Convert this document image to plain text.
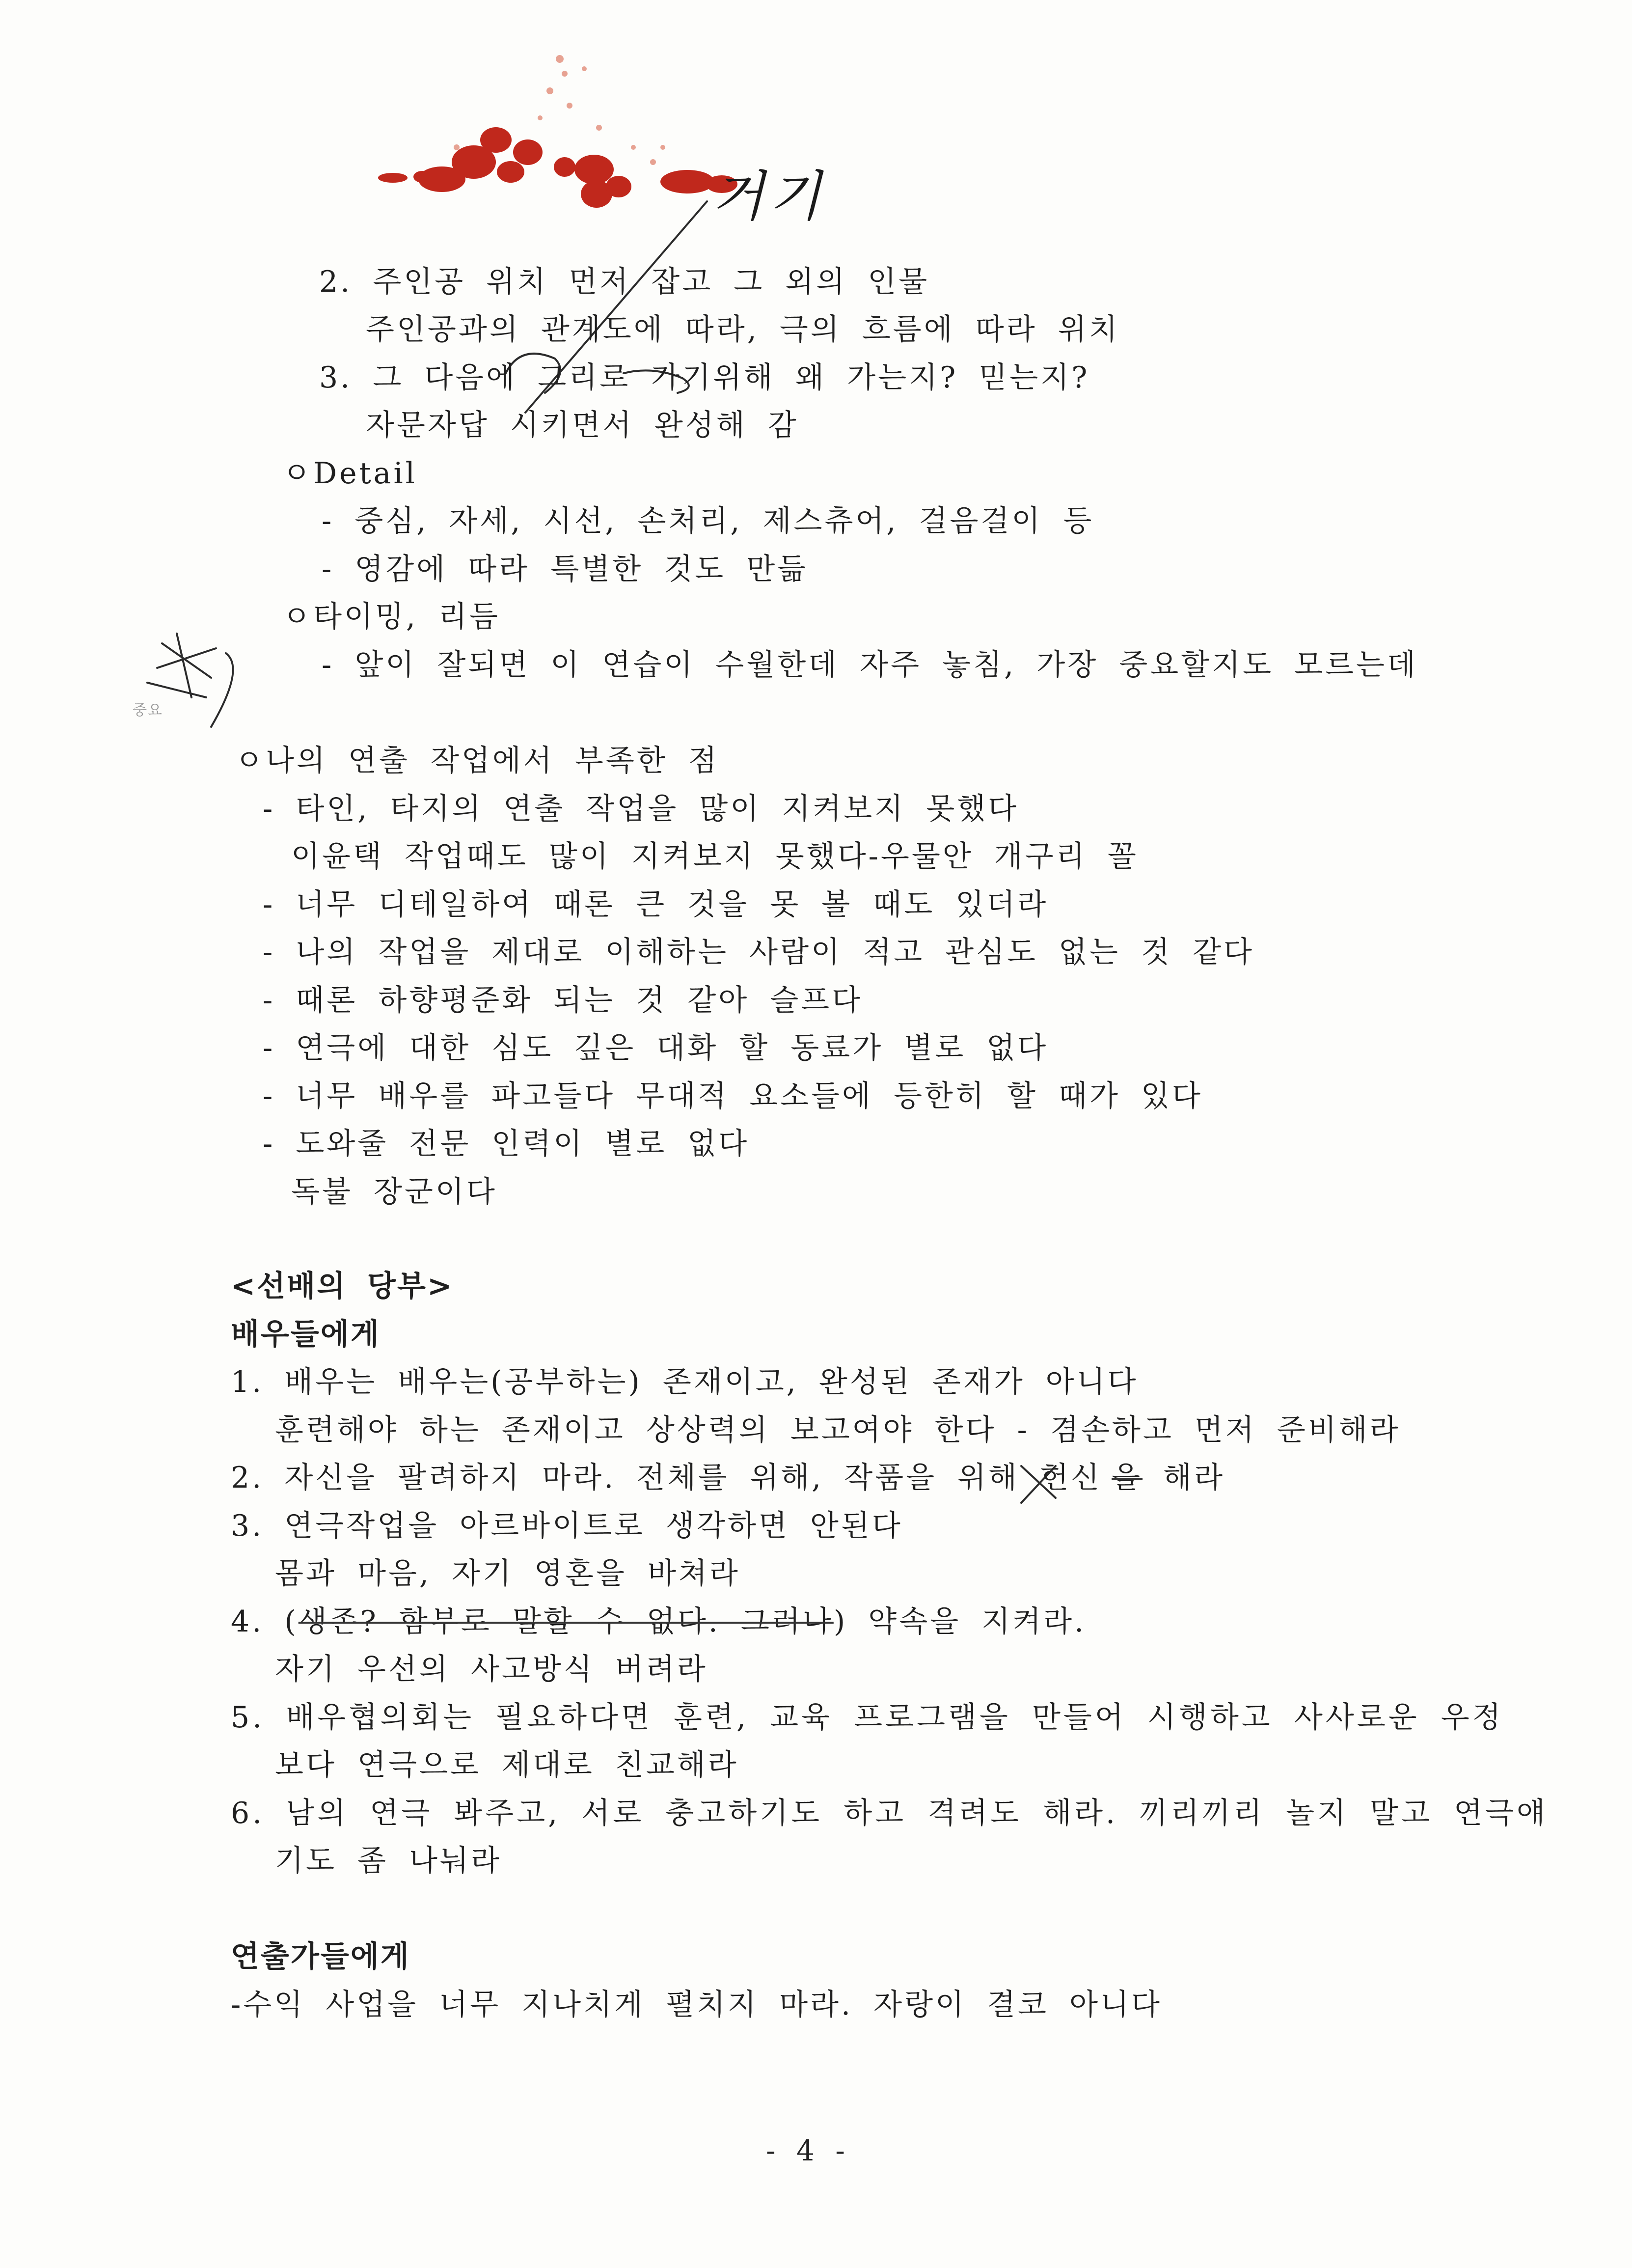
거기
2. 주인공 위치 먼저 잡고 그 외의 인물
주인공과의 관계도에 따라, 극의 흐름에 따라 위치
3. 그 다음에 그리로 가기위해 왜 가는지? 믿는지?
자문자답 시키면서 완성해 감
ㅇDetail
- 중심, 자세, 시선, 손처리, 제스츄어, 걸음걸이 등
- 영감에 따라 특별한 것도 만듦
ㅇ타이밍, 리듬
- 앞이 잘되면 이 연습이 수월한데 자주 놓침, 가장 중요할지도 모르는데
중요
ㅇ나의 연출 작업에서 부족한 점
- 타인, 타지의 연출 작업을 많이 지켜보지 못했다
이윤택 작업때도 많이 지켜보지 못했다-우물안 개구리 꼴
- 너무 디테일하여 때론 큰 것을 못 볼 때도 있더라
- 나의 작업을 제대로 이해하는 사람이 적고 관심도 없는 것 같다
- 때론 하향평준화 되는 것 같아 슬프다
- 연극에 대한 심도 깊은 대화 할 동료가 별로 없다
- 너무 배우를 파고들다 무대적 요소들에 등한히 할 때가 있다
- 도와줄 전문 인력이 별로 없다
독불 장군이다
<선배의 당부>
배우들에게
1. 배우는 배우는(공부하는) 존재이고, 완성된 존재가 아니다
훈련해야 하는 존재이고 상상력의 보고여야 한다 - 겸손하고 먼저 준비해라
2. 자신을 팔려하지 마라. 전체를 위해, 작품을 위해 헌신 을 해라
3. 연극작업을 아르바이트로 생각하면 안된다
몸과 마음, 자기 영혼을 바쳐라
4. (생존? 함부로 말할 수 없다. 그러나) 약속을 지켜라.
자기 우선의 사고방식 버려라
5. 배우협의회는 필요하다면 훈련, 교육 프로그램을 만들어 시행하고 사사로운 우정
보다 연극으로 제대로 친교해라
6. 남의 연극 봐주고, 서로 충고하기도 하고 격려도 해라. 끼리끼리 놀지 말고 연극얘
기도 좀 나눠라
연출가들에게
-수익 사업을 너무 지나치게 펼치지 마라. 자랑이 결코 아니다
- 4 -
